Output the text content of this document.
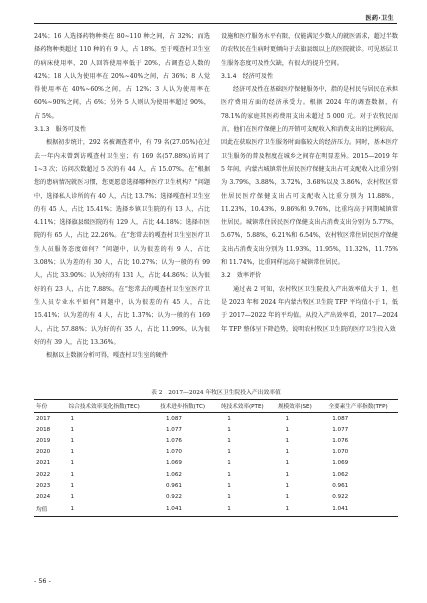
医药·卫生

24%；16 人选择药物种类在 80~110 种之间，占 32%；而选择药物种类超过 110 种的有 9 人，占 18%。至于嘎查村卫生室的病床使用率，20 人回答使用率低于 20%，占调查总人数的 42%；18 人认为使用率在 20%~40%之间，占 36%；8 人觉得使用率在 40%~60%之间，占 12%；3 人认为使用率在 60%~90%之间，占 6%；另外 5 人则认为使用率超过 90%，占 5%。

3.1.3　服务可及性

根据初步统计，292 名被调查者中，有 79 名(27.05%)在过去一年内未曾到访嘎查村卫生室；有 169 名(57.88%)访问了 1~3 次；访问次数超过 5 次的有 44 人，占 15.07%。在“根据您的患病情况就医习惯，您更愿意选择哪种医疗卫生机构？”问题中，选择私人诊所的有 40 人，占比 13.7%；选择嘎查村卫生室的有 45 人，占比 15.41%；选择乡镇卫生院的有 13 人，占比 4.11%；选择旗县级医院的有 129 人，占比 44.18%；选择市医院的有 65 人，占比 22.26%。在“您常去的嘎查村卫生室医疗卫生人员服务态度如何？”问题中，认为很差的有 9 人，占比 3.08%；认为差的有 30 人，占比 10.27%；认为一般的有 99 人，占比 33.90%；认为好的有 131 人，占比 44.86%；认为很好的有 23 人，占比 7.88%。在“您常去的嘎查村卫生室医疗卫生人员专业水平如何”问题中，认为很差的有 45 人，占比 15.41%；认为差的有 4 人，占比 1.37%；认为一般的有 169 人，占比 57.88%；认为好的有 35 人，占比 11.99%，认为很好的有 39 人，占比 13.36%。

根据以上数据分析可得，嘎查村卫生室的硬件

设施和医疗服务水平有限，仅能满足少数人的就医需求，超过半数的农牧民在生病时更倾向于去旗县级以上的医院就诊。可见基层卫生服务态度可及性欠缺，有很大的提升空间。

3.1.4　经济可及性

经济可及性在基础医疗保健服务中，指的是村民与居民在承担医疗费用方面的经济承受力。根据 2024 年的调查数据，有 78.1%的家庭其医药费用支出未超过 5 000 元。对于农牧民而言，他们在医疗保健上的开销可支配收入和消费支出的比例较高，因此在获取医疗卫生服务时面临较大的经济压力。同时，基本医疗卫生服务的普及程度在城乡之间存在明显差异。2015—2019 年 5 年间，内蒙古城镇常住居民医疗保健支出占可支配收入比重分别为 3.79%，3.88%，3.72%，3.68%以及 3.86%，农村牧区常住居民医疗保健支出占可支配收入比重分别为 11.88%，11.23%，10.43%，9.86%和 9.76%，比重均高于同期城镇常住居民。城镇常住居民医疗保健支出占消费支出分别为 5.77%，5.67%，5.88%，6.21%和 6.54%，农村牧区常住居民医疗保健支出占消费支出分别为 11.93%，11.95%，11.32%，11.75%和 11.74%，比重同样远高于城镇常住居民。

3.2　效率评价

通过表 2 可知，农村牧区卫生院投入产出效率值大于 1，但是 2023 年和 2024 年内蒙古牧区卫生院 TFP 平均值小于 1，低于 2017—2022 年的平均值。从投入产出效率看，2017—2024 年 TFP 整体呈下降趋势，说明农村牧区卫生院的医疗卫生投入效

表 2　2017—2024 年牧区卫生院投入产出效率值
年份	综合技术效率变化指数(TEC)	技术进步指数(TC)	纯技术效率(PTE)	规模效率(SE)	全要素生产率指数(TFP)
2017	1	1.087	1	1	1.087
2018	1	1.077	1	1	1.077
2019	1	1.076	1	1	1.076
2020	1	1.070	1	1	1.070
2021	1	1.069	1	1	1.069
2022	1	1.062	1	1	1.062
2023	1	0.961	1	1	0.961
2024	1	0.922	1	1	0.922
均值	1	1.041	1	1	1.041
- 56 -
